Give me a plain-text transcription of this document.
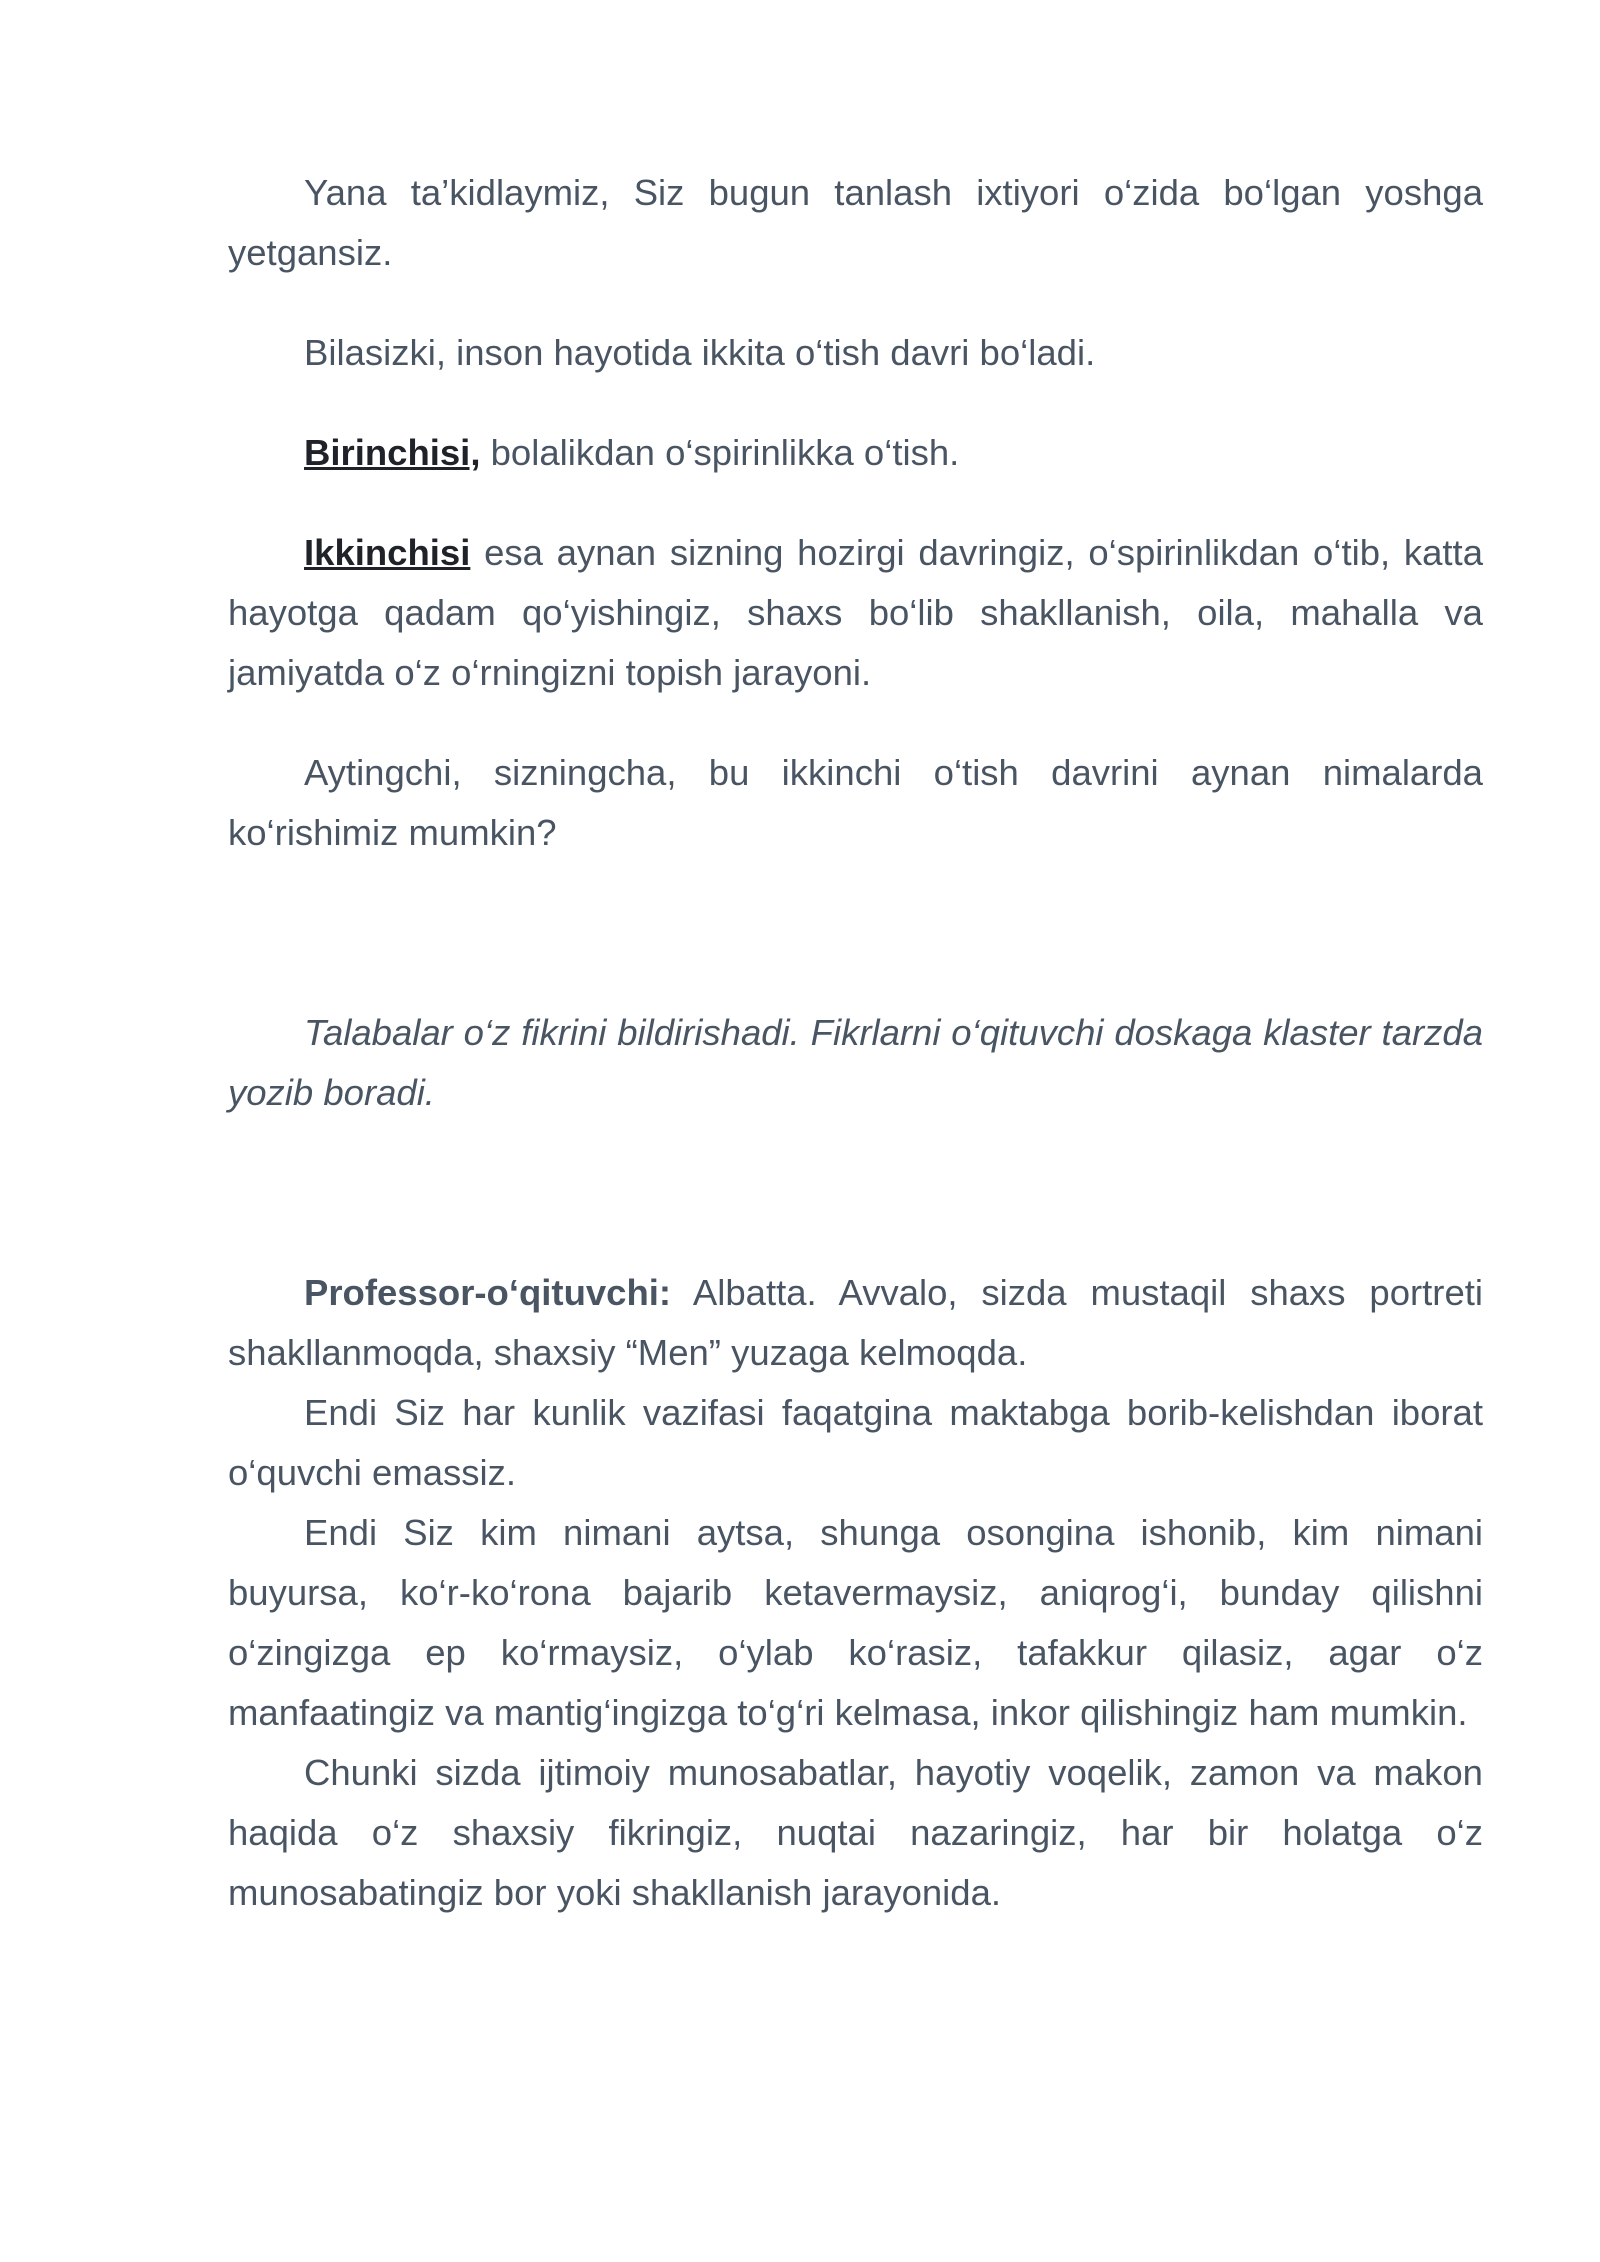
Yana ta’kidlaymiz, Siz bugun tanlash ixtiyori o‘zida bo‘lgan yoshga yetgansiz.

Bilasizki, inson hayotida ikkita o‘tish davri bo‘ladi.

Birinchisi, bolalikdan o‘spirinlikka o‘tish.

Ikkinchisi esa aynan sizning hozirgi davringiz, o‘spirinlikdan o‘tib, katta hayotga qadam qo‘yishingiz, shaxs bo‘lib shakllanish, oila, mahalla va jamiyatda o‘z o‘rningizni topish jarayoni.

Aytingchi, sizningcha, bu ikkinchi o‘tish davrini aynan nimalarda ko‘rishimiz mumkin?

Talabalar o‘z fikrini bildirishadi. Fikrlarni o‘qituvchi doskaga klaster tarzda yozib boradi.

Professor-o‘qituvchi: Albatta. Avvalo, sizda mustaqil shaxs portreti shakllanmoqda, shaxsiy “Men” yuzaga kelmoqda.

Endi Siz har kunlik vazifasi faqatgina maktabga borib-kelishdan iborat o‘quvchi emassiz.

Endi Siz kim nimani aytsa, shunga osongina ishonib, kim nimani buyursa, ko‘r-ko‘rona bajarib ketavermaysiz, aniqrog‘i, bunday qilishni o‘zingizga ep ko‘rmaysiz, o‘ylab ko‘rasiz, tafakkur qilasiz, agar o‘z manfaatingiz va mantig‘ingizga to‘g‘ri kelmasa, inkor qilishingiz ham mumkin.

Chunki sizda ijtimoiy munosabatlar, hayotiy voqelik, zamon va makon haqida o‘z shaxsiy fikringiz, nuqtai nazaringiz, har bir holatga o‘z munosabatingiz bor yoki shakllanish jarayonida.
